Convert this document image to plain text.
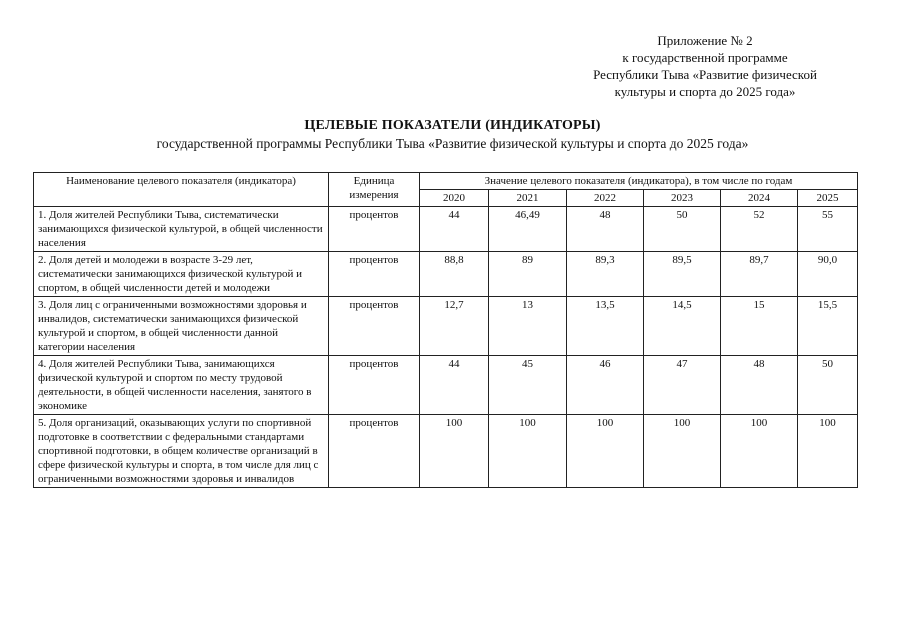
Приложение № 2
к государственной программе
Республики Тыва «Развитие физической
культуры и спорта до 2025 года»
ЦЕЛЕВЫЕ ПОКАЗАТЕЛИ (ИНДИКАТОРЫ)
государственной программы Республики Тыва «Развитие физической культуры и спорта до 2025 года»
Наименование целевого показателя (индикатора)	Единица измерения	Значение целевого показателя (индикатора), в том числе по годам					
		2020	2021	2022	2023	2024	2025
1. Доля жителей Республики Тыва, систематически занимающихся физической культурой, в общей численности населения	процентов	44	46,49	48	50	52	55
2. Доля детей и молодежи в возрасте 3-29 лет, систематически занимающихся физической культурой и спортом, в общей численности детей и молодежи	процентов	88,8	89	89,3	89,5	89,7	90,0
3. Доля лиц с ограниченными возможностями здоровья и инвалидов, систематически занимающихся физической культурой и спортом, в общей численности данной категории населения	процентов	12,7	13	13,5	14,5	15	15,5
4. Доля жителей Республики Тыва, занимающихся физической культурой и спортом по месту трудовой деятельности, в общей численности населения, занятого в экономике	процентов	44	45	46	47	48	50
5. Доля организаций, оказывающих услуги по спортивной подготовке в соответствии с федеральными стандартами спортивной подготовки, в общем количестве организаций в сфере физической культуры и спорта, в том числе для лиц с ограниченными возможностями здоровья и инвалидов	процентов	100	100	100	100	100	100
